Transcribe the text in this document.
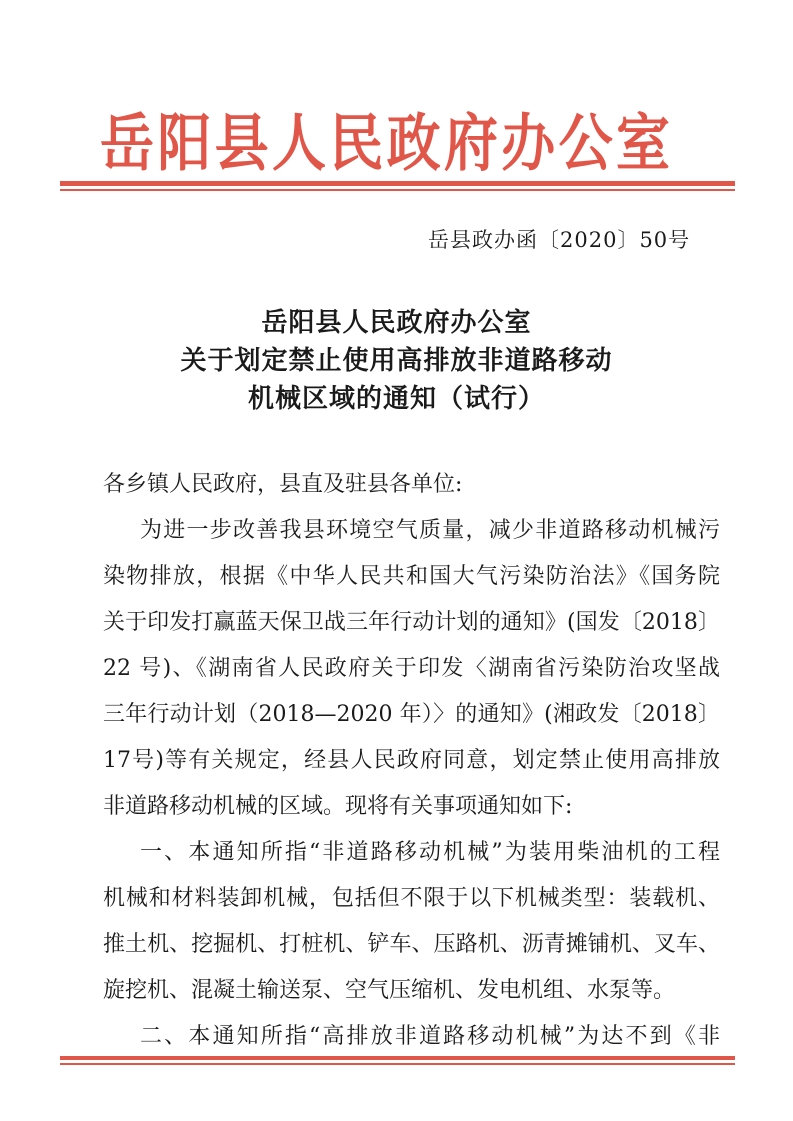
岳 阳 县 人 民 政 府 办 公 室
岳县政办函〔2020〕50号
岳阳县人民政府办公室
关于划定禁止使用高排放非道路移动
机械区域的通知（试行）
各乡镇人民政府，县直及驻县各单位:
为进一步改善我县环境空气质量，减少非道路移动机械污
染物排放，根据《中华人民共和国大气污染防治法》《国务院
关于印发打赢蓝天保卫战三年行动计划的通知》(国发〔2018〕
22 号)、《湖南省人民政府关于印发〈湖南省污染防治攻坚战
三年行动计划（2018—2020 年）〉的通知》(湘政发〔2018〕
17号)等有关规定，经县人民政府同意，划定禁止使用高排放
非道路移动机械的区域。现将有关事项通知如下:
一、本通知所指“非道路移动机械”为装用柴油机的工程
机械和材料装卸机械，包括但不限于以下机械类型：装载机、
推土机、挖掘机、打桩机、铲车、压路机、沥青摊铺机、叉车、
旋挖机、混凝土输送泵、空气压缩机、发电机组、水泵等。
二、本通知所指“高排放非道路移动机械”为达不到《非
